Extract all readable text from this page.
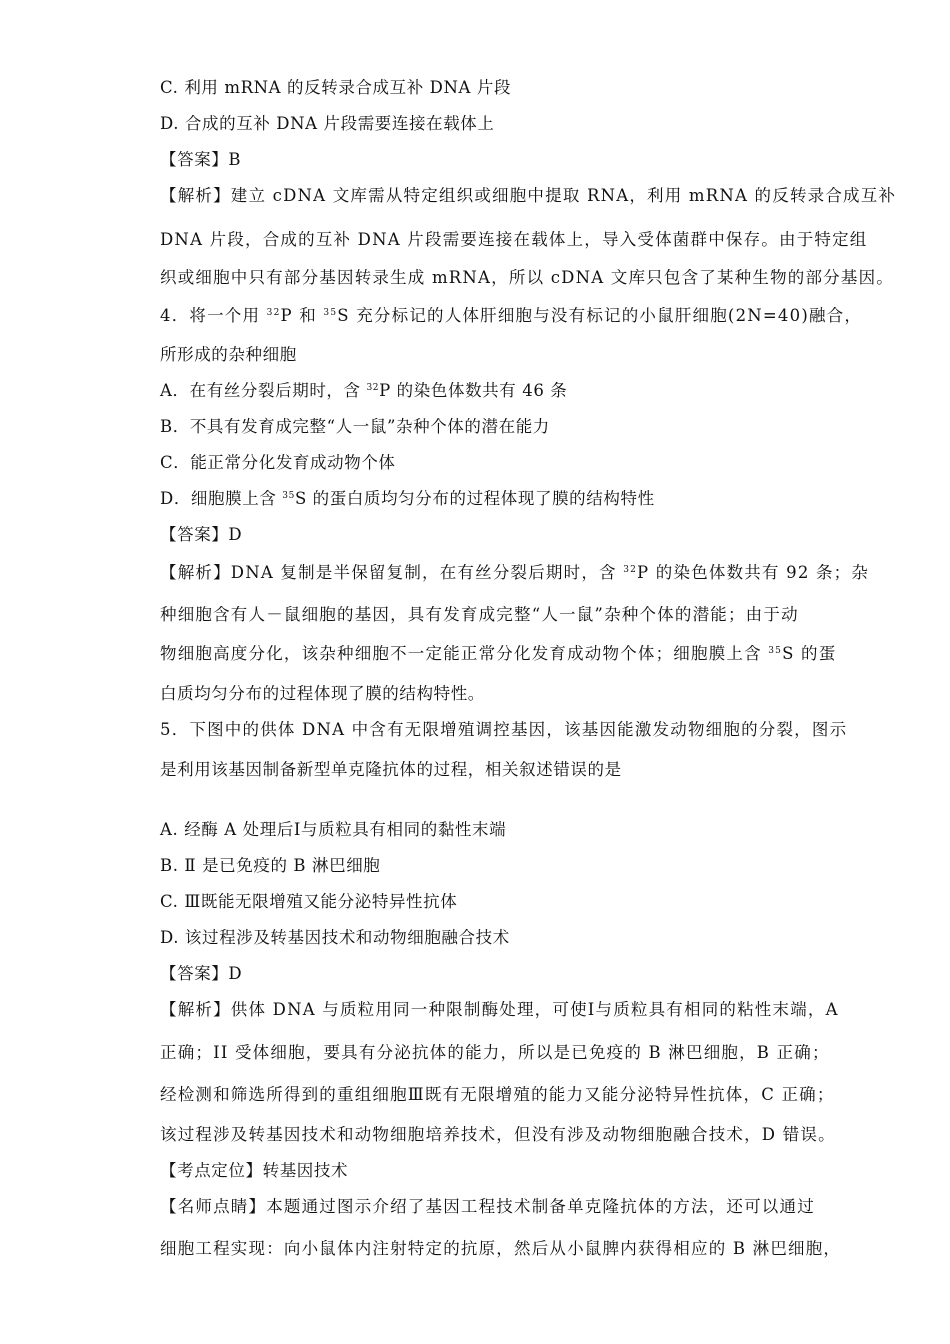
C. 利用 mRNA 的反转录合成互补 DNA 片段
D. 合成的互补 DNA 片段需要连接在载体上
【答案】B
【解析】建立 cDNA 文库需从特定组织或细胞中提取 RNA，利用 mRNA 的反转录合成互补
DNA 片段，合成的互补 DNA 片段需要连接在载体上，导入受体菌群中保存。由于特定组
织或细胞中只有部分基因转录生成 mRNA，所以 cDNA 文库只包含了某种生物的部分基因。
4．将一个用 $^{32}$P 和 $^{35}$S 充分标记的人体肝细胞与没有标记的小鼠肝细胞(2N=40)融合，
所形成的杂种细胞
A．在有丝分裂后期时，含 $^{32}$P 的染色体数共有 46 条
B．不具有发育成完整“人一鼠”杂种个体的潜在能力
C．能正常分化发育成动物个体
D．细胞膜上含 $^{35}$S 的蛋白质均匀分布的过程体现了膜的结构特性
【答案】D
【解析】DNA 复制是半保留复制，在有丝分裂后期时，含 $^{32}$P 的染色体数共有 92 条；杂
种细胞含有人－鼠细胞的基因，具有发育成完整“人一鼠”杂种个体的潜能；由于动
物细胞高度分化，该杂种细胞不一定能正常分化发育成动物个体；细胞膜上含 $^{35}$S 的蛋
白质均匀分布的过程体现了膜的结构特性。
5．下图中的供体 DNA 中含有无限增殖调控基因，该基因能激发动物细胞的分裂，图示
是利用该基因制备新型单克隆抗体的过程，相关叙述错误的是
A. 经酶 A 处理后Ⅰ与质粒具有相同的黏性末端
B. Ⅱ 是已免疫的 B 淋巴细胞
C. Ⅲ既能无限增殖又能分泌特异性抗体
D. 该过程涉及转基因技术和动物细胞融合技术
【答案】D
【解析】供体 DNA 与质粒用同一种限制酶处理，可使Ⅰ与质粒具有相同的粘性末端，A
正确；II 受体细胞，要具有分泌抗体的能力，所以是已免疫的 B 淋巴细胞，B 正确；
经检测和筛选所得到的重组细胞Ⅲ既有无限增殖的能力又能分泌特异性抗体，C 正确；
该过程涉及转基因技术和动物细胞培养技术，但没有涉及动物细胞融合技术，D 错误。
【考点定位】转基因技术
【名师点睛】本题通过图示介绍了基因工程技术制备单克隆抗体的方法，还可以通过
细胞工程实现：向小鼠体内注射特定的抗原，然后从小鼠脾内获得相应的 B 淋巴细胞，
